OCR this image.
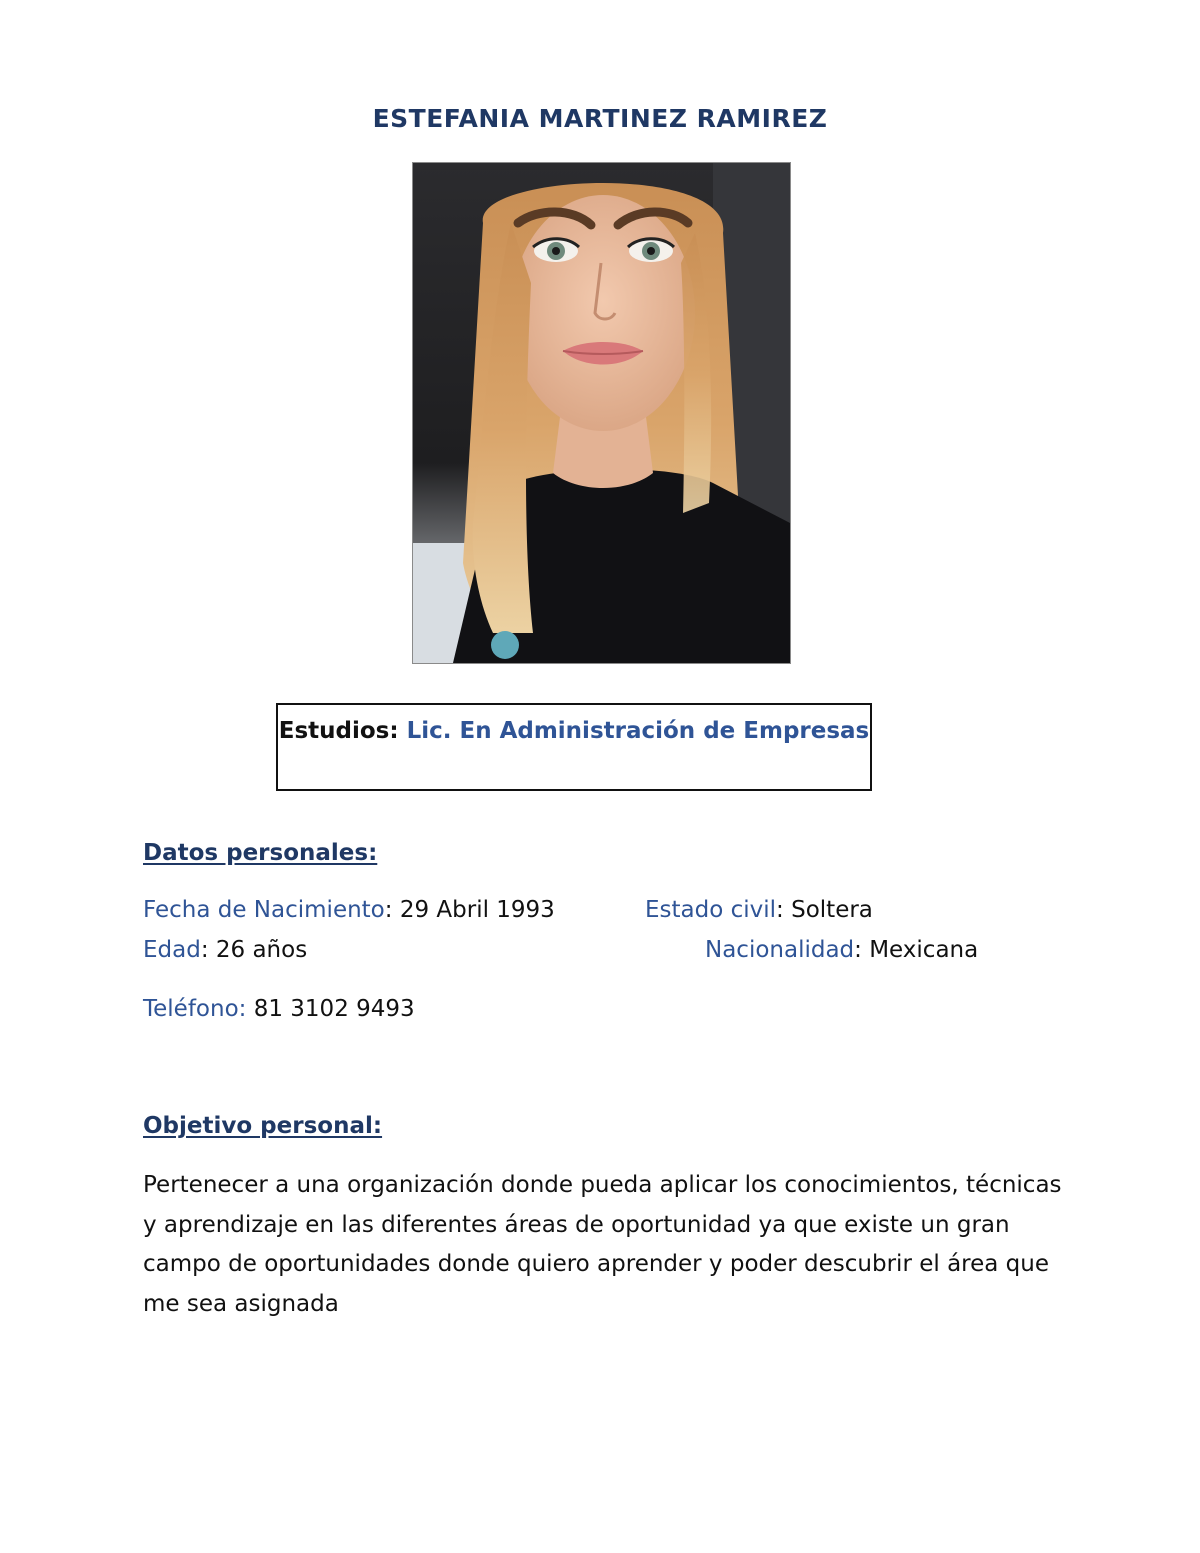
ESTEFANIA MARTINEZ RAMIREZ
Estudios: Lic. En Administración de Empresas
Datos personales:
Fecha de Nacimiento: 29 Abril 1993	Estado civil: Soltera
Edad: 26 años	Nacionalidad: Mexicana
Teléfono: 81 3102 9493
Objetivo personal:
Pertenecer a una organización donde pueda aplicar los conocimientos, técnicas y aprendizaje en las diferentes áreas de oportunidad ya que existe un gran campo de oportunidades donde quiero aprender y poder descubrir el área que me sea asignada
